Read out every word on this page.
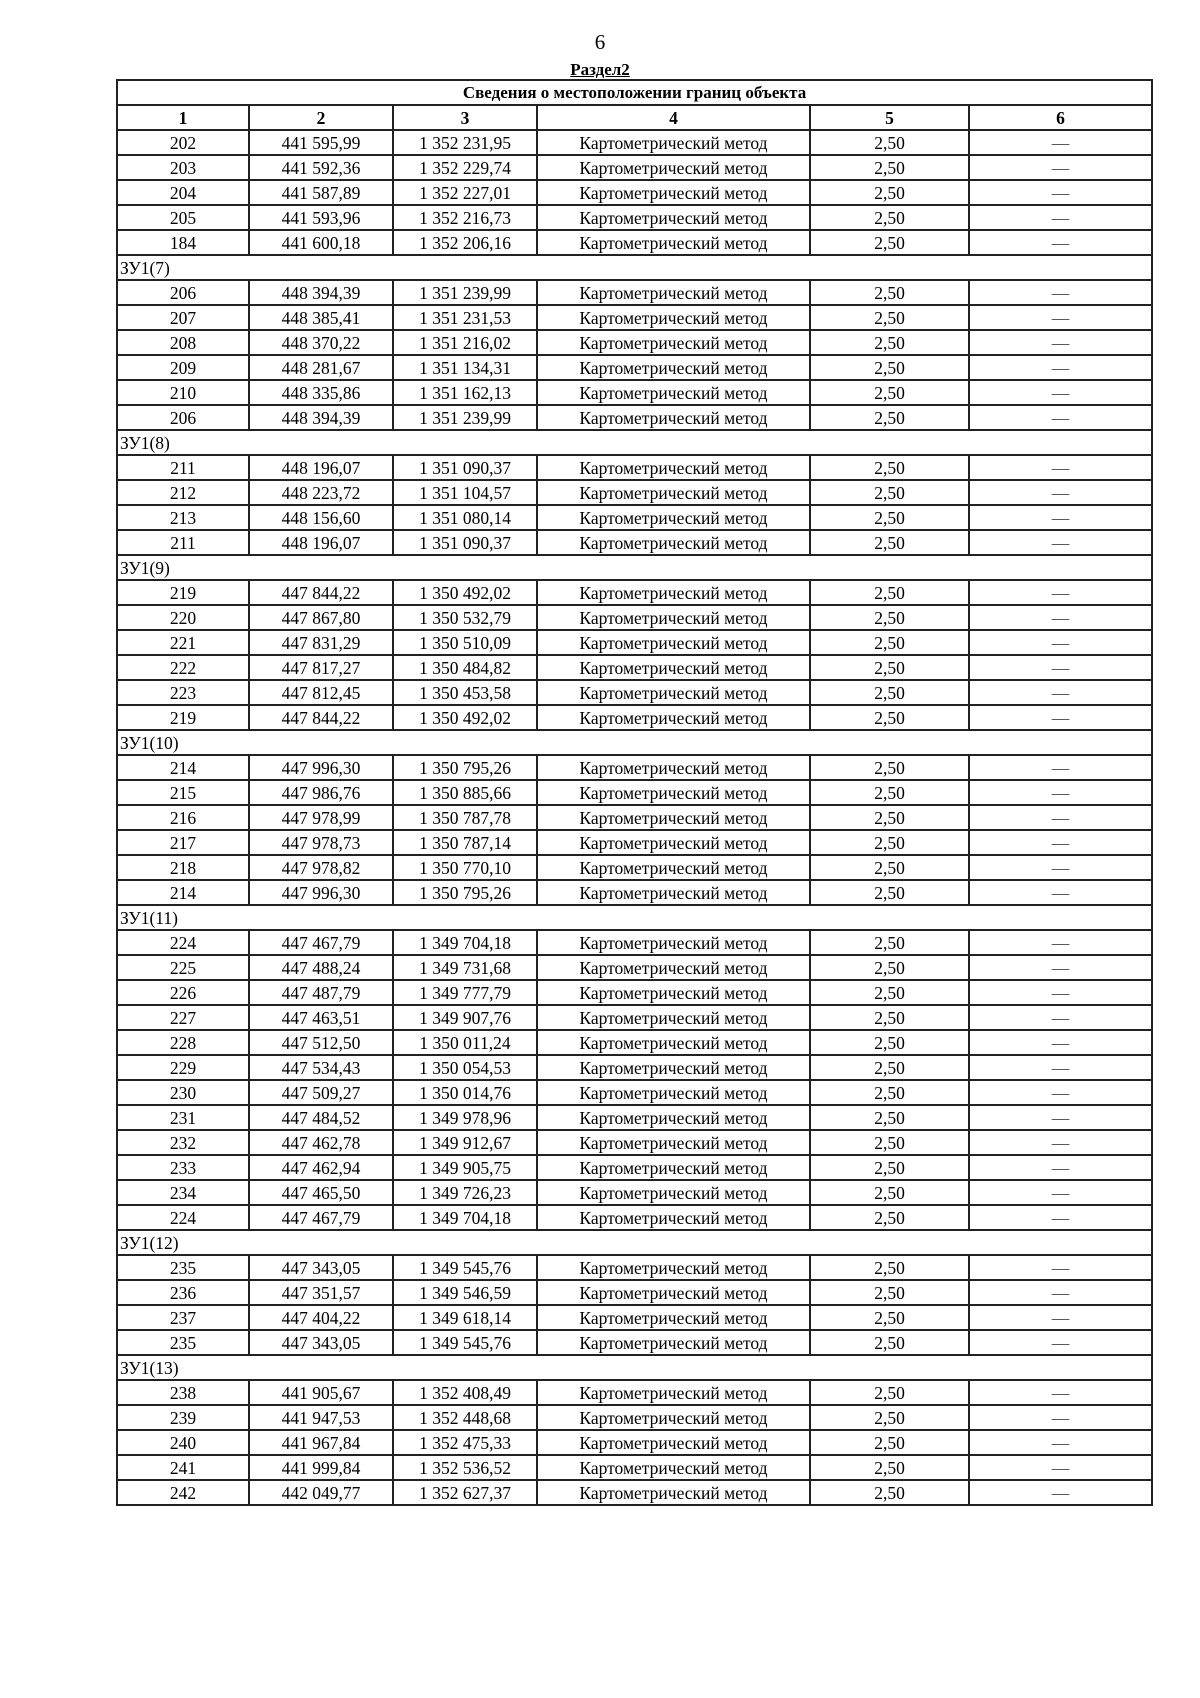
6
Раздел2
Сведения о местоположении границ объекта					
1	2	3	4	5	6
202	441 595,99	1 352 231,95	Картометрический метод	2,50	—
203	441 592,36	1 352 229,74	Картометрический метод	2,50	—
204	441 587,89	1 352 227,01	Картометрический метод	2,50	—
205	441 593,96	1 352 216,73	Картометрический метод	2,50	—
184	441 600,18	1 352 206,16	Картометрический метод	2,50	—
ЗУ1(7)					
206	448 394,39	1 351 239,99	Картометрический метод	2,50	—
207	448 385,41	1 351 231,53	Картометрический метод	2,50	—
208	448 370,22	1 351 216,02	Картометрический метод	2,50	—
209	448 281,67	1 351 134,31	Картометрический метод	2,50	—
210	448 335,86	1 351 162,13	Картометрический метод	2,50	—
206	448 394,39	1 351 239,99	Картометрический метод	2,50	—
ЗУ1(8)					
211	448 196,07	1 351 090,37	Картометрический метод	2,50	—
212	448 223,72	1 351 104,57	Картометрический метод	2,50	—
213	448 156,60	1 351 080,14	Картометрический метод	2,50	—
211	448 196,07	1 351 090,37	Картометрический метод	2,50	—
ЗУ1(9)					
219	447 844,22	1 350 492,02	Картометрический метод	2,50	—
220	447 867,80	1 350 532,79	Картометрический метод	2,50	—
221	447 831,29	1 350 510,09	Картометрический метод	2,50	—
222	447 817,27	1 350 484,82	Картометрический метод	2,50	—
223	447 812,45	1 350 453,58	Картометрический метод	2,50	—
219	447 844,22	1 350 492,02	Картометрический метод	2,50	—
ЗУ1(10)					
214	447 996,30	1 350 795,26	Картометрический метод	2,50	—
215	447 986,76	1 350 885,66	Картометрический метод	2,50	—
216	447 978,99	1 350 787,78	Картометрический метод	2,50	—
217	447 978,73	1 350 787,14	Картометрический метод	2,50	—
218	447 978,82	1 350 770,10	Картометрический метод	2,50	—
214	447 996,30	1 350 795,26	Картометрический метод	2,50	—
ЗУ1(11)					
224	447 467,79	1 349 704,18	Картометрический метод	2,50	—
225	447 488,24	1 349 731,68	Картометрический метод	2,50	—
226	447 487,79	1 349 777,79	Картометрический метод	2,50	—
227	447 463,51	1 349 907,76	Картометрический метод	2,50	—
228	447 512,50	1 350 011,24	Картометрический метод	2,50	—
229	447 534,43	1 350 054,53	Картометрический метод	2,50	—
230	447 509,27	1 350 014,76	Картометрический метод	2,50	—
231	447 484,52	1 349 978,96	Картометрический метод	2,50	—
232	447 462,78	1 349 912,67	Картометрический метод	2,50	—
233	447 462,94	1 349 905,75	Картометрический метод	2,50	—
234	447 465,50	1 349 726,23	Картометрический метод	2,50	—
224	447 467,79	1 349 704,18	Картометрический метод	2,50	—
ЗУ1(12)					
235	447 343,05	1 349 545,76	Картометрический метод	2,50	—
236	447 351,57	1 349 546,59	Картометрический метод	2,50	—
237	447 404,22	1 349 618,14	Картометрический метод	2,50	—
235	447 343,05	1 349 545,76	Картометрический метод	2,50	—
ЗУ1(13)					
238	441 905,67	1 352 408,49	Картометрический метод	2,50	—
239	441 947,53	1 352 448,68	Картометрический метод	2,50	—
240	441 967,84	1 352 475,33	Картометрический метод	2,50	—
241	441 999,84	1 352 536,52	Картометрический метод	2,50	—
242	442 049,77	1 352 627,37	Картометрический метод	2,50	—
